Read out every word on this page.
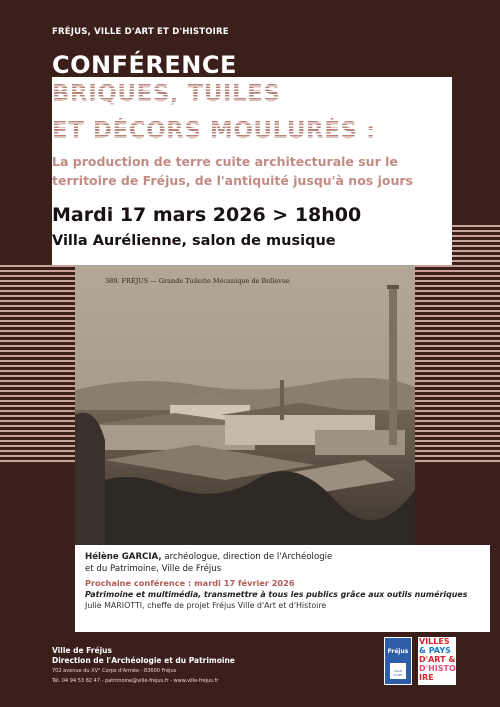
FRÉJUS, VILLE D'ART ET D'HISTOIRE
CONFÉRENCE
BRIQUES, TUILES
ET DÉCORS MOULURÉS :
La production de terre cuite architecturale sur le territoire de Fréjus, de l'antiquité jusqu'à nos jours
Mardi 17 mars 2026 > 18h00
Villa Aurélienne, salon de musique
389. FRÉJUS — Grande Tuilerie Mécanique de Bellevue
Hélène GARCIA, archéologue, direction de l'Archéologie
et du Patrimoine, Ville de Fréjus
Prochaine conférence : mardi 17 février 2026
Patrimoine et multimédia, transmettre à tous les publics grâce aux outils numériques
Julie MARIOTTI, cheffe de projet Fréjus Ville d'Art et d'Histoire
Ville de Fréjus
Direction de l'Archéologie et du Patrimoine
702 avenue du XV° Corps d'Armée - 83600 Fréjus
Tél. 04 94 53 82 47 - patrimoine@ville-frejus.fr - www.ville-frejus.fr
Fréjus
VILLE D'ART
VILLES
& PAYS
D'ART &
D'HISTO
IRE
